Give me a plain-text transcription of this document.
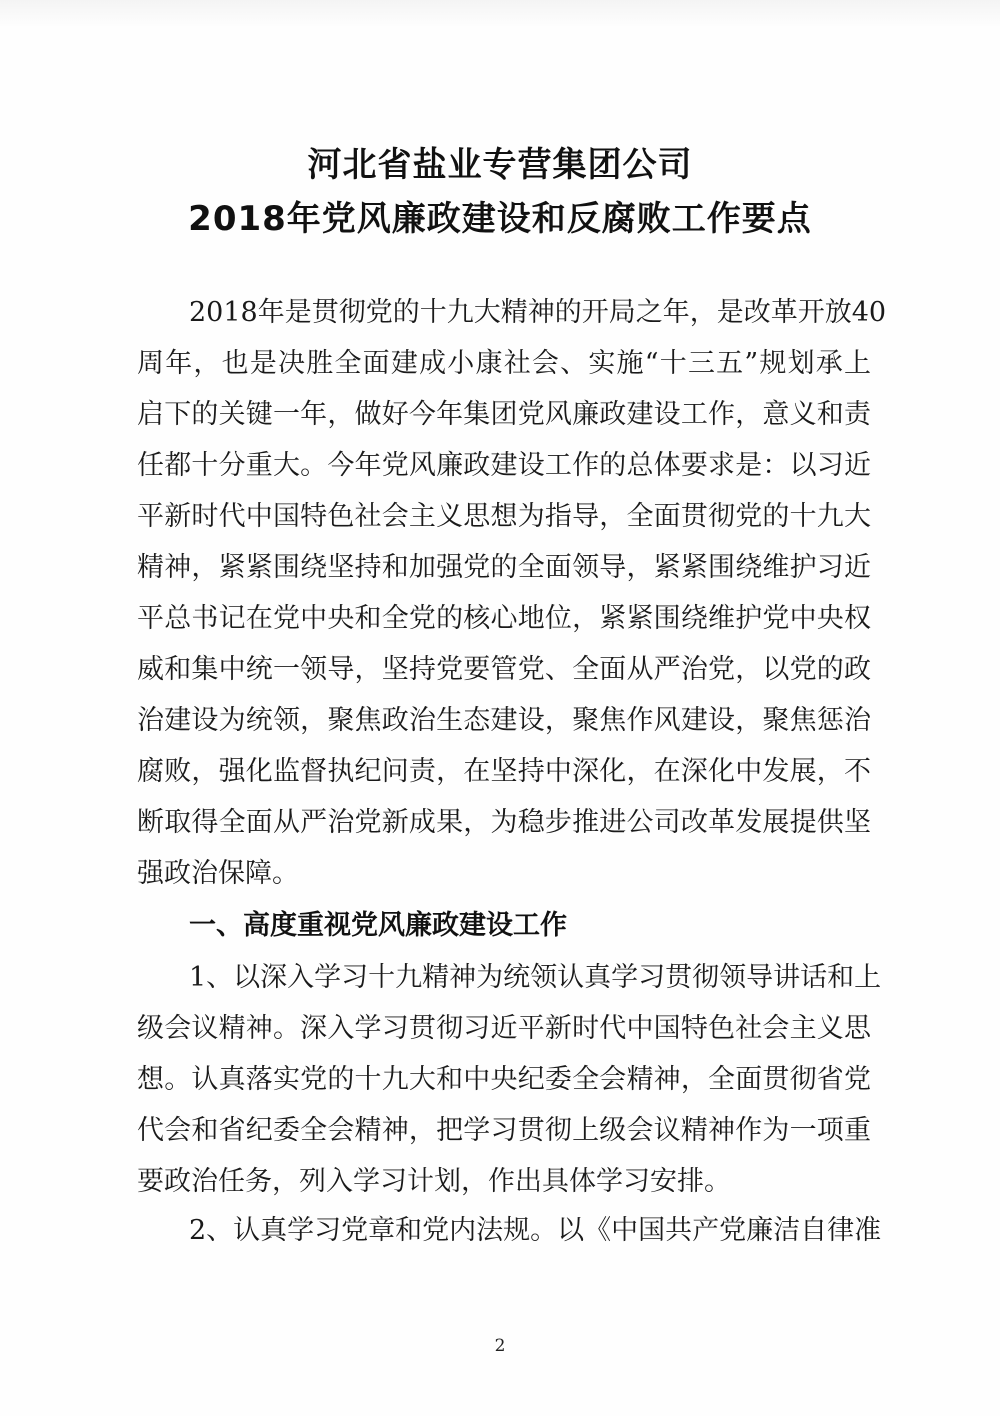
河北省盐业专营集团公司
2018年党风廉政建设和反腐败工作要点
2018年是贯彻党的十九大精神的开局之年，是改革开放40
周年，也是决胜全面建成小康社会、实施“十三五”规划承上
启下的关键一年，做好今年集团党风廉政建设工作，意义和责
任都十分重大。今年党风廉政建设工作的总体要求是：以习近
平新时代中国特色社会主义思想为指导，全面贯彻党的十九大
精神，紧紧围绕坚持和加强党的全面领导，紧紧围绕维护习近
平总书记在党中央和全党的核心地位，紧紧围绕维护党中央权
威和集中统一领导，坚持党要管党、全面从严治党，以党的政
治建设为统领，聚焦政治生态建设，聚焦作风建设，聚焦惩治
腐败，强化监督执纪问责，在坚持中深化，在深化中发展，不
断取得全面从严治党新成果，为稳步推进公司改革发展提供坚
强政治保障。
一、高度重视党风廉政建设工作
1、以深入学习十九精神为统领认真学习贯彻领导讲话和上
级会议精神。深入学习贯彻习近平新时代中国特色社会主义思
想。认真落实党的十九大和中央纪委全会精神，全面贯彻省党
代会和省纪委全会精神，把学习贯彻上级会议精神作为一项重
要政治任务，列入学习计划，作出具体学习安排。
2、认真学习党章和党内法规。以《中国共产党廉洁自律准
2
